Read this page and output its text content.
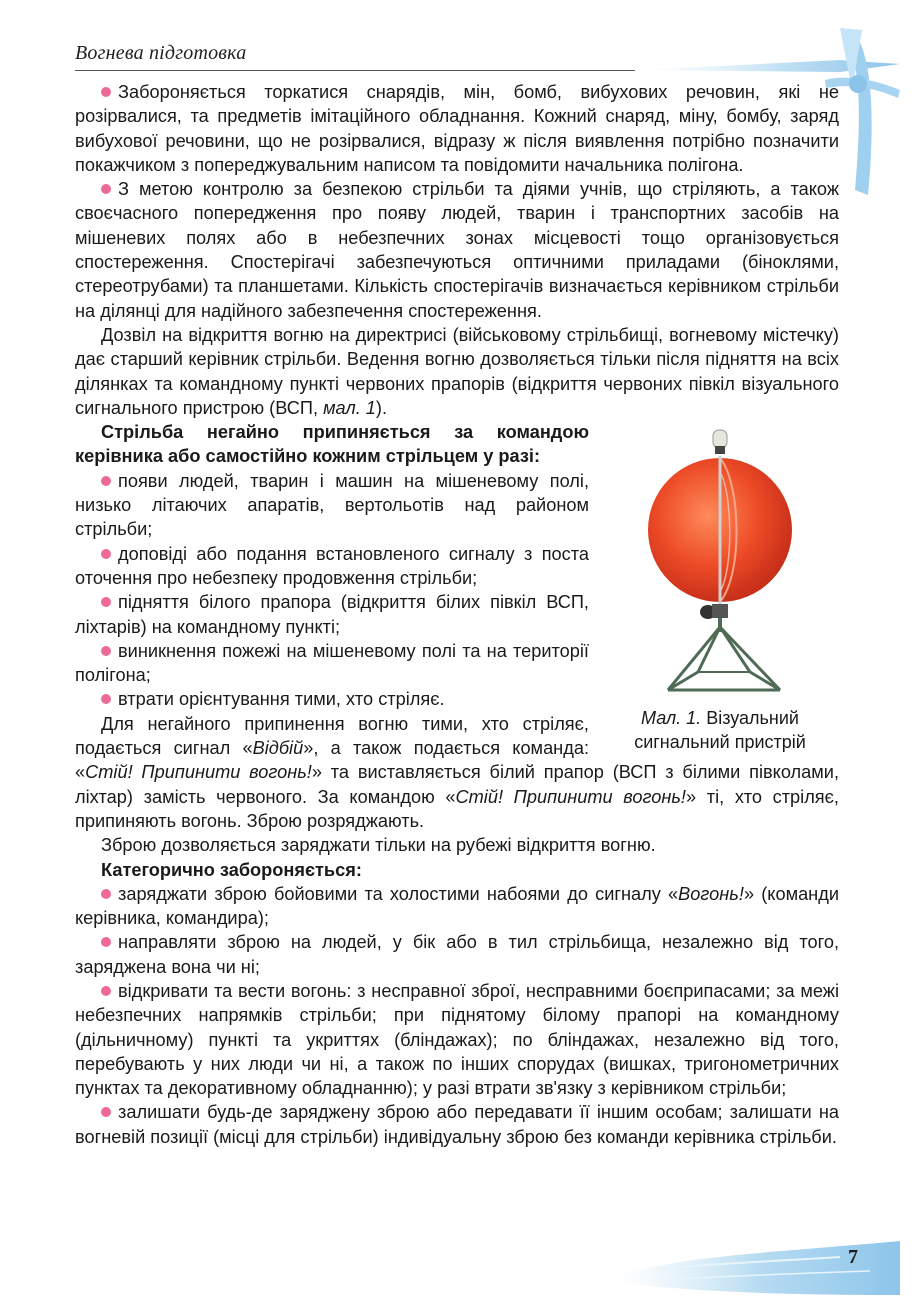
Вогнева підготовка

Забороняється торкатися снарядів, мін, бомб, вибухових речовин, які не розірвалися, та предметів імітаційного обладнання. Кожний снаряд, міну, бомбу, заряд вибухової речовини, що не розірвалися, відразу ж після виявлення потрібно позначити покажчиком з попереджувальним написом та повідомити начальника полігона.

З метою контролю за безпекою стрільби та діями учнів, що стріляють, а також своєчасного попередження про появу людей, тварин і транспортних засобів на мішеневих полях або в небезпечних зонах місцевості тощо організовується спостереження. Спостерігачі забезпечуються оптичними приладами (біноклями, стереотрубами) та планшетами. Кількість спостерігачів визначається керівником стрільби на ділянці для надійного забезпечення спостереження.

Дозвіл на відкриття вогню на директрисі (військовому стрільбищі, вогневому містечку) дає старший керівник стрільби. Ведення вогню дозволяється тільки після підняття на всіх ділянках та командному пункті червоних прапорів (відкриття червоних півкіл візуального сигнального пристрою (ВСП, мал. 1).

Мал. 1. Візуальний сигнальний пристрій

Стрільба негайно припиняється за командою керівника або самостійно кожним стрільцем у разі:

появи людей, тварин і машин на мішеневому полі, низько літаючих апаратів, вертольотів над районом стрільби;

доповіді або подання встановленого сигналу з поста оточення про небезпеку продовження стрільби;

підняття білого прапора (відкриття білих півкіл ВСП, ліхтарів) на командному пункті;

виникнення пожежі на мішеневому полі та на території полігона;

втрати орієнтування тими, хто стріляє.

Для негайного припинення вогню тими, хто стріляє, подається сигнал «Відбій», а також подається команда: «Стій! Припинити вогонь!» та виставляється білий прапор (ВСП з білими півколами, ліхтар) замість червоного. За командою «Стій! Припинити вогонь!» ті, хто стріляє, припиняють вогонь. Зброю розряджають.

Зброю дозволяється заряджати тільки на рубежі відкриття вогню.

Категорично забороняється:

заряджати зброю бойовими та холостими набоями до сигналу «Вогонь!» (команди керівника, командира);

направляти зброю на людей, у бік або в тил стрільбища, незалежно від того, заряджена вона чи ні;

відкривати та вести вогонь: з несправної зброї, несправними боєприпасами; за межі небезпечних напрямків стрільби; при піднятому білому прапорі на командному (дільничному) пункті та укриттях (бліндажах); по бліндажах, незалежно від того, перебувають у них люди чи ні, а також по інших спорудах (вишках, тригонометричних пунктах та декоративному обладнанню); у разі втрати зв'язку з керівником стрільби;

залишати будь-де заряджену зброю або передавати її іншим особам; залишати на вогневій позиції (місці для стрільби) індивідуальну зброю без команди керівника стрільби.

7
